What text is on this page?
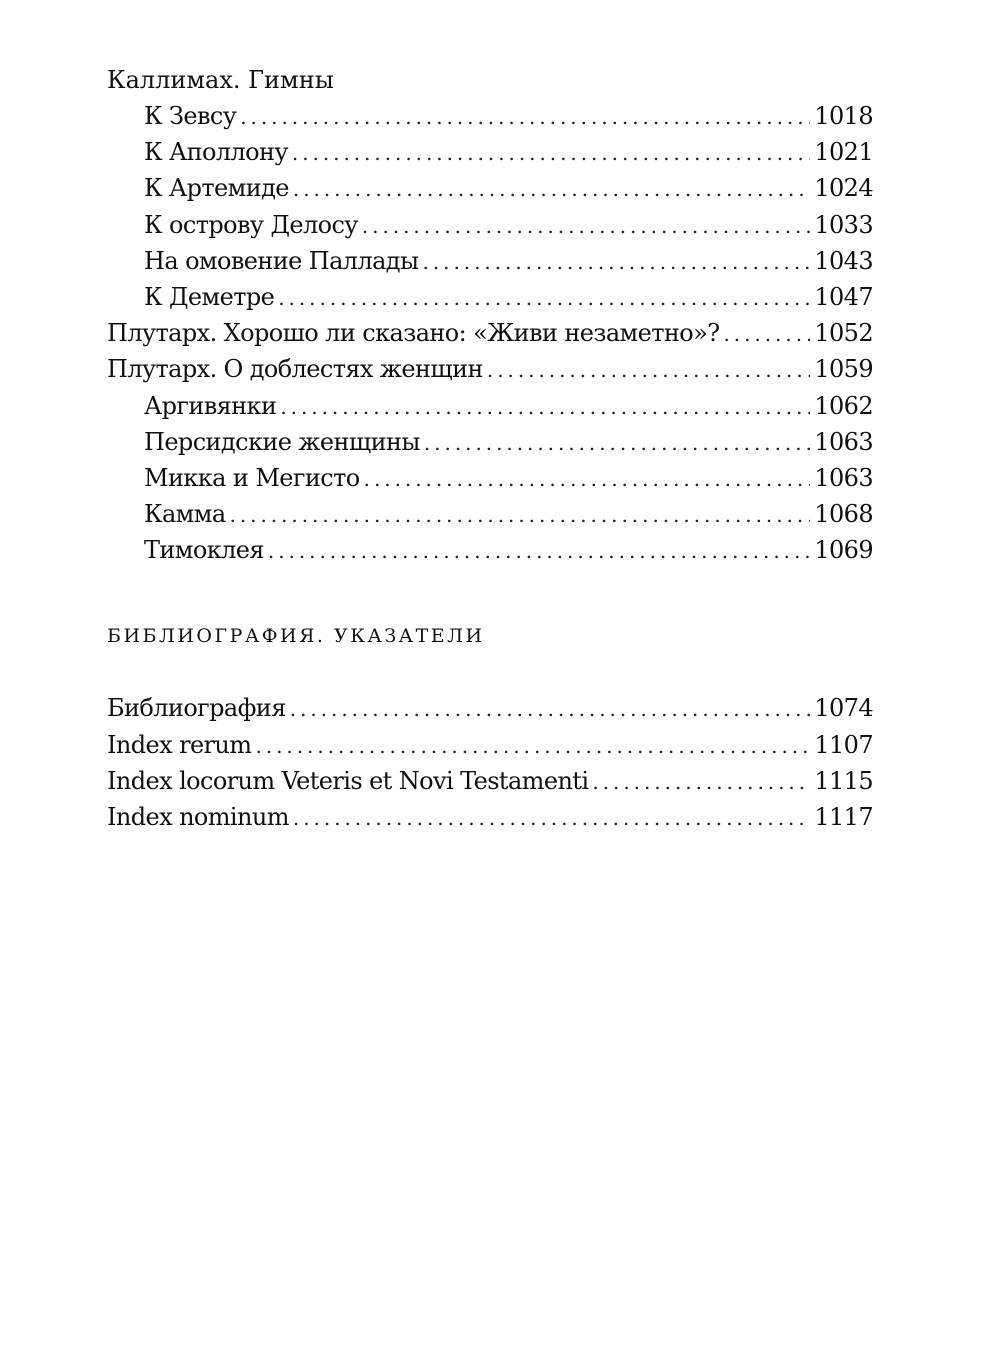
Каллимах. Гимны
К Зевсу . . .	1018
К Аполлону . . .	1021
К Артемиде . . .	1024
К острову Делосу . . .	1033
На омовение Паллады . . .	1043
К Деметре . . .	1047
Плутарх. Хорошо ли сказано: «Живи незаметно»? . . .	1052
Плутарх. О доблестях женщин . . .	1059
Аргивянки . . .	1062
Персидские женщины . . .	1063
Микка и Мегисто . . .	1063
Камма . . .	1068
Тимоклея . . .	1069
БИБЛИОГРАФИЯ. УКАЗАТЕЛИ
Библиография . . .	1074
Index rerum . . .	1107
Index locorum Veteris et Novi Testamenti . . .	1115
Index nominum . . .	1117
